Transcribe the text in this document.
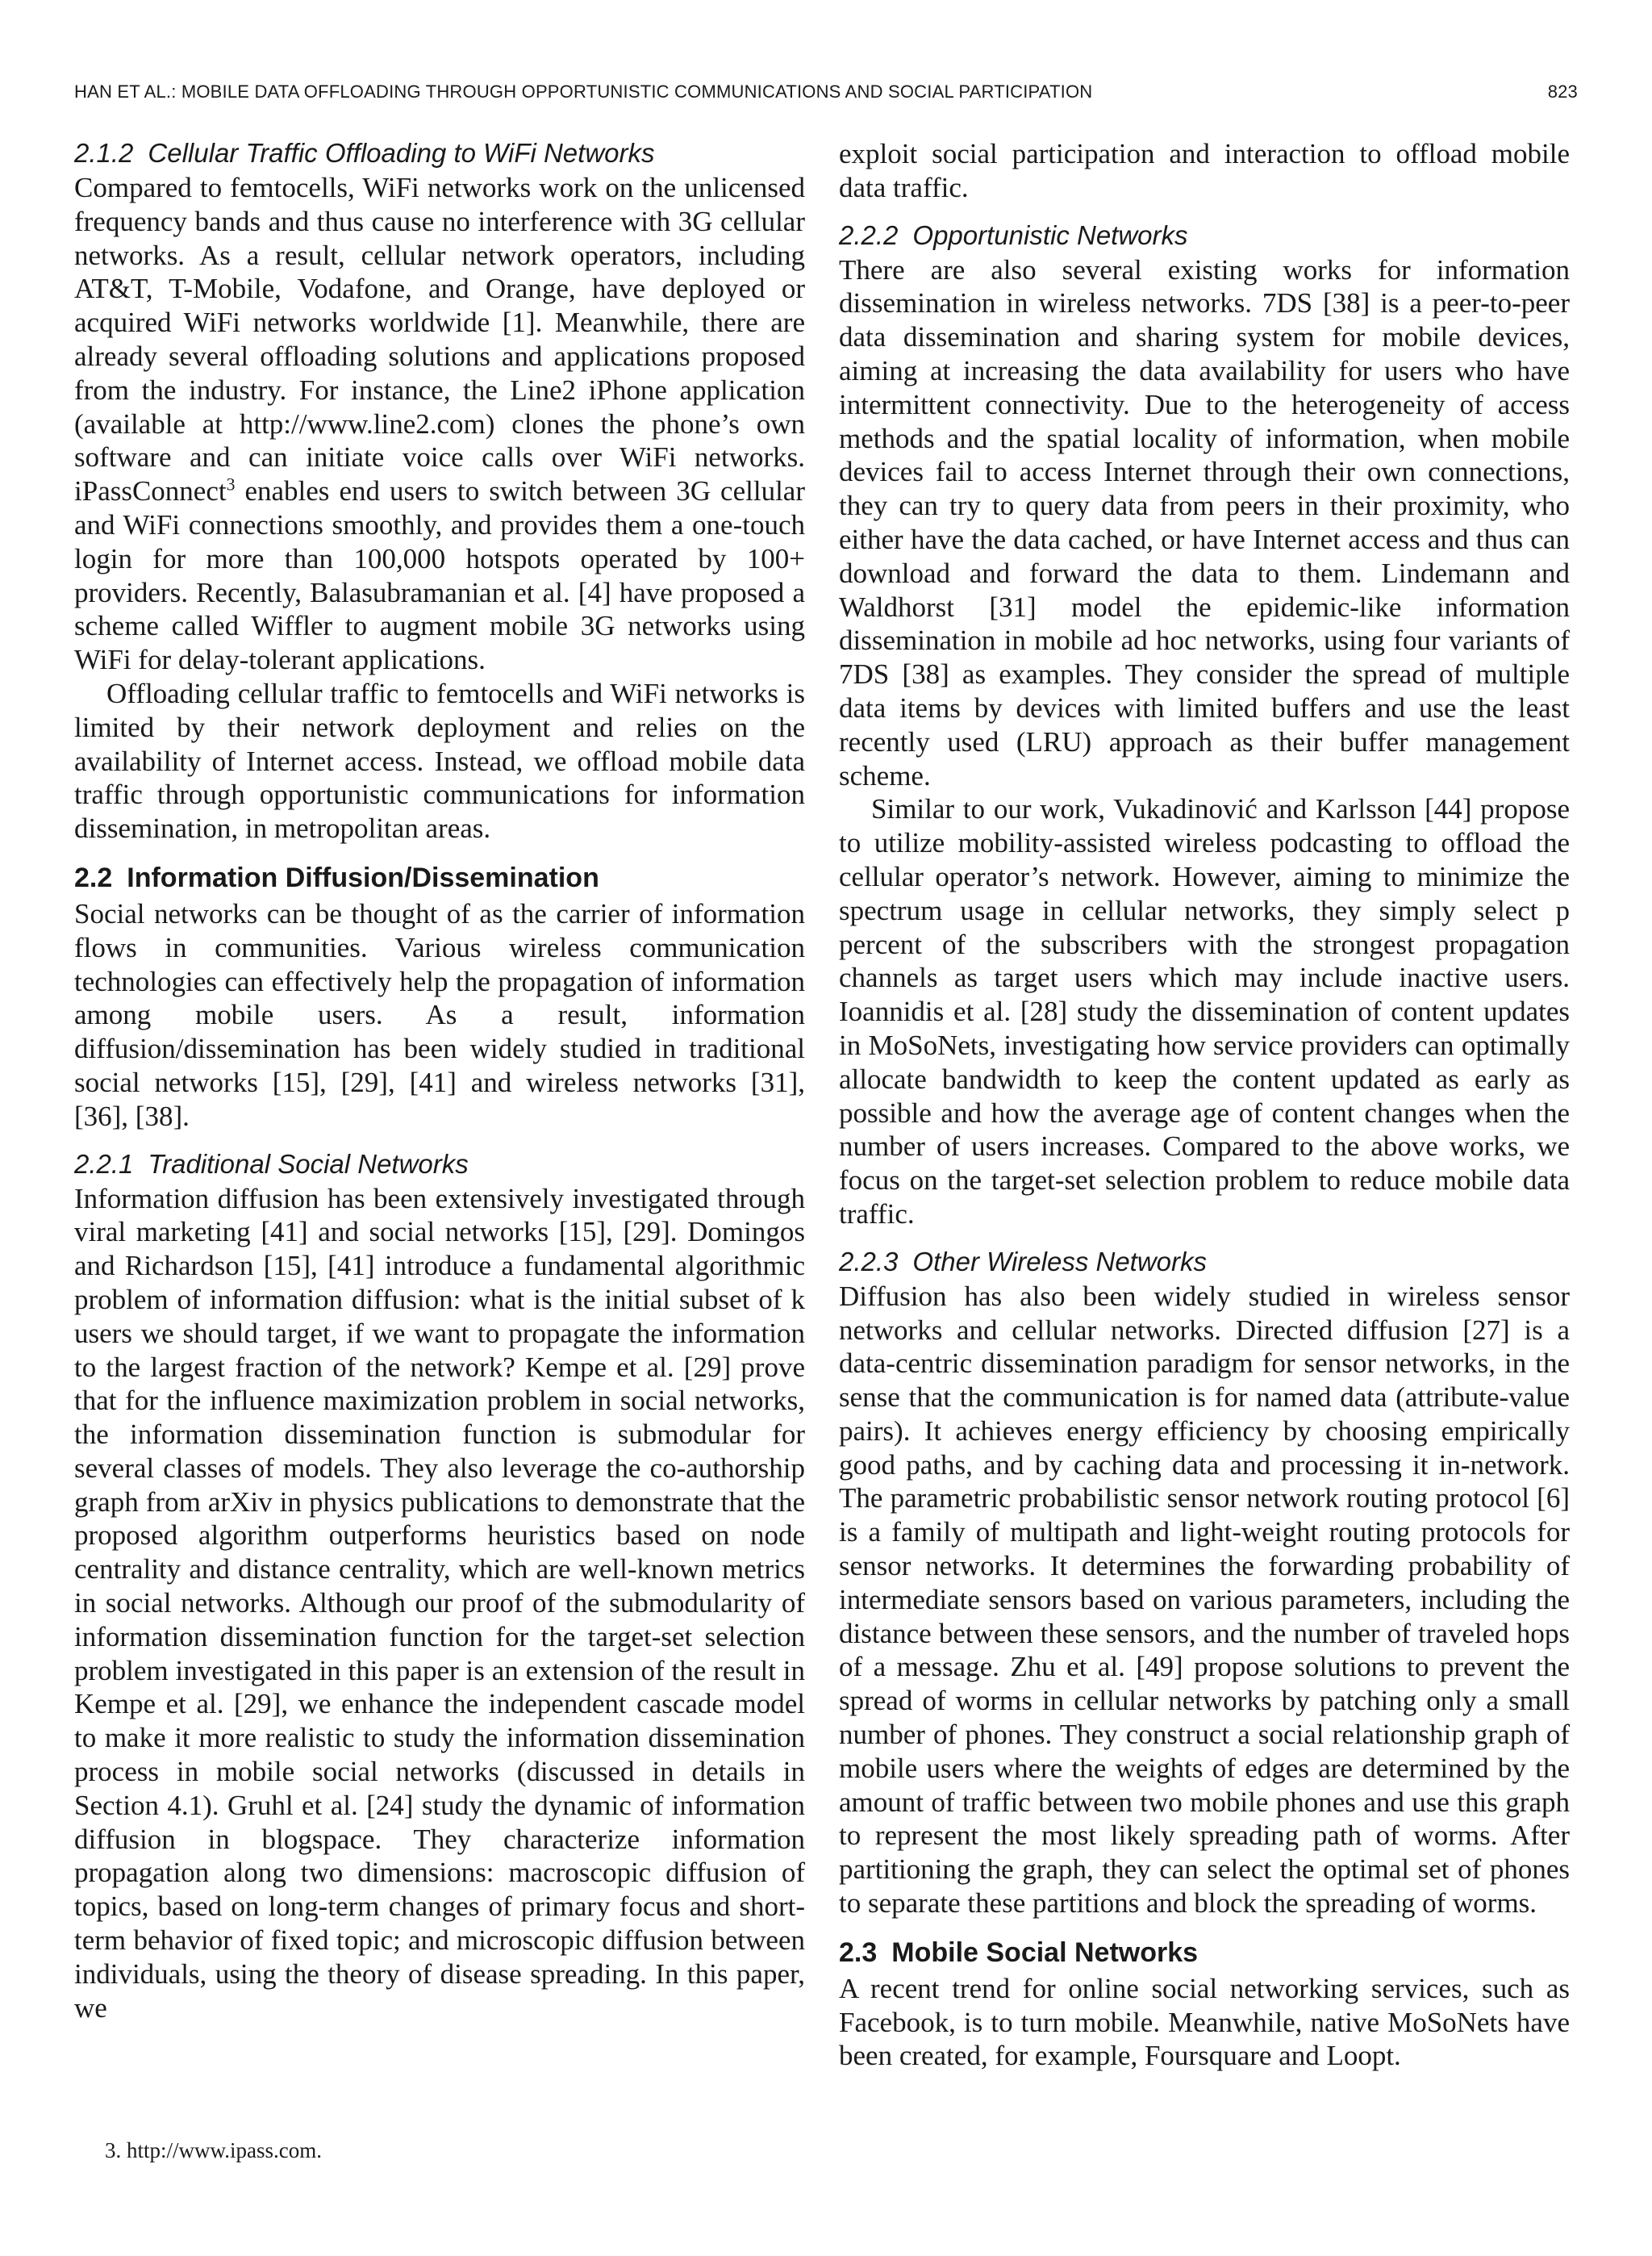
HAN ET AL.: MOBILE DATA OFFLOADING THROUGH OPPORTUNISTIC COMMUNICATIONS AND SOCIAL PARTICIPATION	823
2.1.2 Cellular Traffic Offloading to WiFi Networks

Compared to femtocells, WiFi networks work on the unlicensed frequency bands and thus cause no interference with 3G cellular networks. As a result, cellular network operators, including AT&T, T-Mobile, Vodafone, and Orange, have deployed or acquired WiFi networks worldwide [1]. Meanwhile, there are already several offloading solutions and applications proposed from the industry. For instance, the Line2 iPhone application (available at http://www.line2.com) clones the phone’s own software and can initiate voice calls over WiFi networks. iPassConnect$^3$ enables end users to switch between 3G cellular and WiFi connections smoothly, and provides them a one-touch login for more than 100,000 hotspots operated by 100+ providers. Recently, Balasubramanian et al. [4] have proposed a scheme called Wiffler to augment mobile 3G networks using WiFi for delay-tolerant applications.

Offloading cellular traffic to femtocells and WiFi networks is limited by their network deployment and relies on the availability of Internet access. Instead, we offload mobile data traffic through opportunistic communications for information dissemination, in metropolitan areas.

2.2 Information Diffusion/Dissemination

Social networks can be thought of as the carrier of information flows in communities. Various wireless communication technologies can effectively help the propagation of information among mobile users. As a result, information diffusion/dissemination has been widely studied in traditional social networks [15], [29], [41] and wireless networks [31], [36], [38].

2.2.1 Traditional Social Networks

Information diffusion has been extensively investigated through viral marketing [41] and social networks [15], [29]. Domingos and Richardson [15], [41] introduce a fundamental algorithmic problem of information diffusion: what is the initial subset of k users we should target, if we want to propagate the information to the largest fraction of the network? Kempe et al. [29] prove that for the influence maximization problem in social networks, the information dissemination function is submodular for several classes of models. They also leverage the co-authorship graph from arXiv in physics publications to demonstrate that the proposed algorithm outperforms heuristics based on node centrality and distance centrality, which are well-known metrics in social networks. Although our proof of the submodularity of information dissemination function for the target-set selection problem investigated in this paper is an extension of the result in Kempe et al. [29], we enhance the independent cascade model to make it more realistic to study the information dissemination process in mobile social networks (discussed in details in Section 4.1). Gruhl et al. [24] study the dynamic of information diffusion in blogspace. They characterize information propagation along two dimensions: macroscopic diffusion of topics, based on long-term changes of primary focus and short-term behavior of fixed topic; and microscopic diffusion between individuals, using the theory of disease spreading. In this paper, we

3. http://www.ipass.com.

exploit social participation and interaction to offload mobile data traffic.

2.2.2 Opportunistic Networks

There are also several existing works for information dissemination in wireless networks. 7DS [38] is a peer-to-peer data dissemination and sharing system for mobile devices, aiming at increasing the data availability for users who have intermittent connectivity. Due to the heterogeneity of access methods and the spatial locality of information, when mobile devices fail to access Internet through their own connections, they can try to query data from peers in their proximity, who either have the data cached, or have Internet access and thus can download and forward the data to them. Lindemann and Waldhorst [31] model the epidemic-like information dissemination in mobile ad hoc networks, using four variants of 7DS [38] as examples. They consider the spread of multiple data items by devices with limited buffers and use the least recently used (LRU) approach as their buffer management scheme.

Similar to our work, Vukadinović and Karlsson [44] propose to utilize mobility-assisted wireless podcasting to offload the cellular operator’s network. However, aiming to minimize the spectrum usage in cellular networks, they simply select p percent of the subscribers with the strongest propagation channels as target users which may include inactive users. Ioannidis et al. [28] study the dissemination of content updates in MoSoNets, investigating how service providers can optimally allocate bandwidth to keep the content updated as early as possible and how the average age of content changes when the number of users increases. Compared to the above works, we focus on the target-set selection problem to reduce mobile data traffic.

2.2.3 Other Wireless Networks

Diffusion has also been widely studied in wireless sensor networks and cellular networks. Directed diffusion [27] is a data-centric dissemination paradigm for sensor networks, in the sense that the communication is for named data (attribute-value pairs). It achieves energy efficiency by choosing empirically good paths, and by caching data and processing it in-network. The parametric probabilistic sensor network routing protocol [6] is a family of multipath and light-weight routing protocols for sensor networks. It determines the forwarding probability of intermediate sensors based on various parameters, including the distance between these sensors, and the number of traveled hops of a message. Zhu et al. [49] propose solutions to prevent the spread of worms in cellular networks by patching only a small number of phones. They construct a social relationship graph of mobile users where the weights of edges are determined by the amount of traffic between two mobile phones and use this graph to represent the most likely spreading path of worms. After partitioning the graph, they can select the optimal set of phones to separate these partitions and block the spreading of worms.

2.3 Mobile Social Networks

A recent trend for online social networking services, such as Facebook, is to turn mobile. Meanwhile, native MoSoNets have been created, for example, Foursquare and Loopt.
